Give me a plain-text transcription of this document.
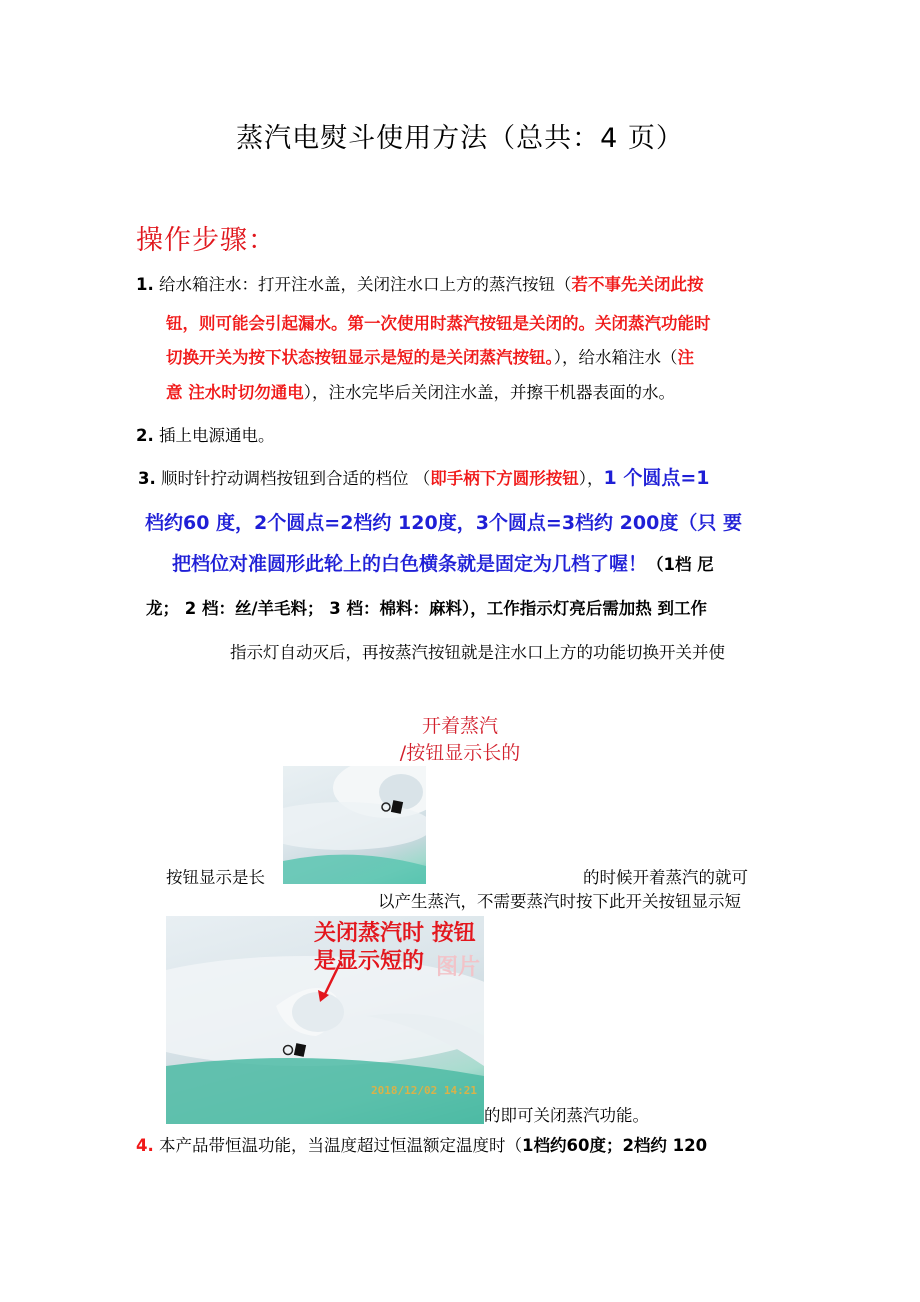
蒸汽电熨斗使用方法（总共：4 页）
操作步骤：
1. 给水箱注水：打开注水盖，关闭注水口上方的蒸汽按钮（若不事先关闭此按
钮，则可能会引起漏水。第一次使用时蒸汽按钮是关闭的。关闭蒸汽功能时
切换开关为按下状态按钮显示是短的是关闭蒸汽按钮。），给水箱注水（注
意 注水时切勿通电），注水完毕后关闭注水盖，并擦干机器表面的水。
2. 插上电源通电。
3. 顺时针拧动调档按钮到合适的档位 （即手柄下方圆形按钮），1 个圆点=1
档约60 度，2个圆点=2档约 120度，3个圆点=3档约 200度（只 要
把档位对准圆形此轮上的白色横条就是固定为几档了喔！（1档 尼
龙； 2 档：丝/羊毛料； 3 档：棉料：麻料），工作指示灯亮后需加热 到工作
指示灯自动灭后，再按蒸汽按钮就是注水口上方的功能切换开关并使
开着蒸汽
/按钮显示长的
按钮显示是长	的时候开着蒸汽的就可
以产生蒸汽，不需要蒸汽时按下此开关按钮显示短
关闭蒸汽时 按钮
是显示短的 图片
2018/12/02 14:21
的即可关闭蒸汽功能。
4. 本产品带恒温功能，当温度超过恒温额定温度时（1档约60度；2档约 120
